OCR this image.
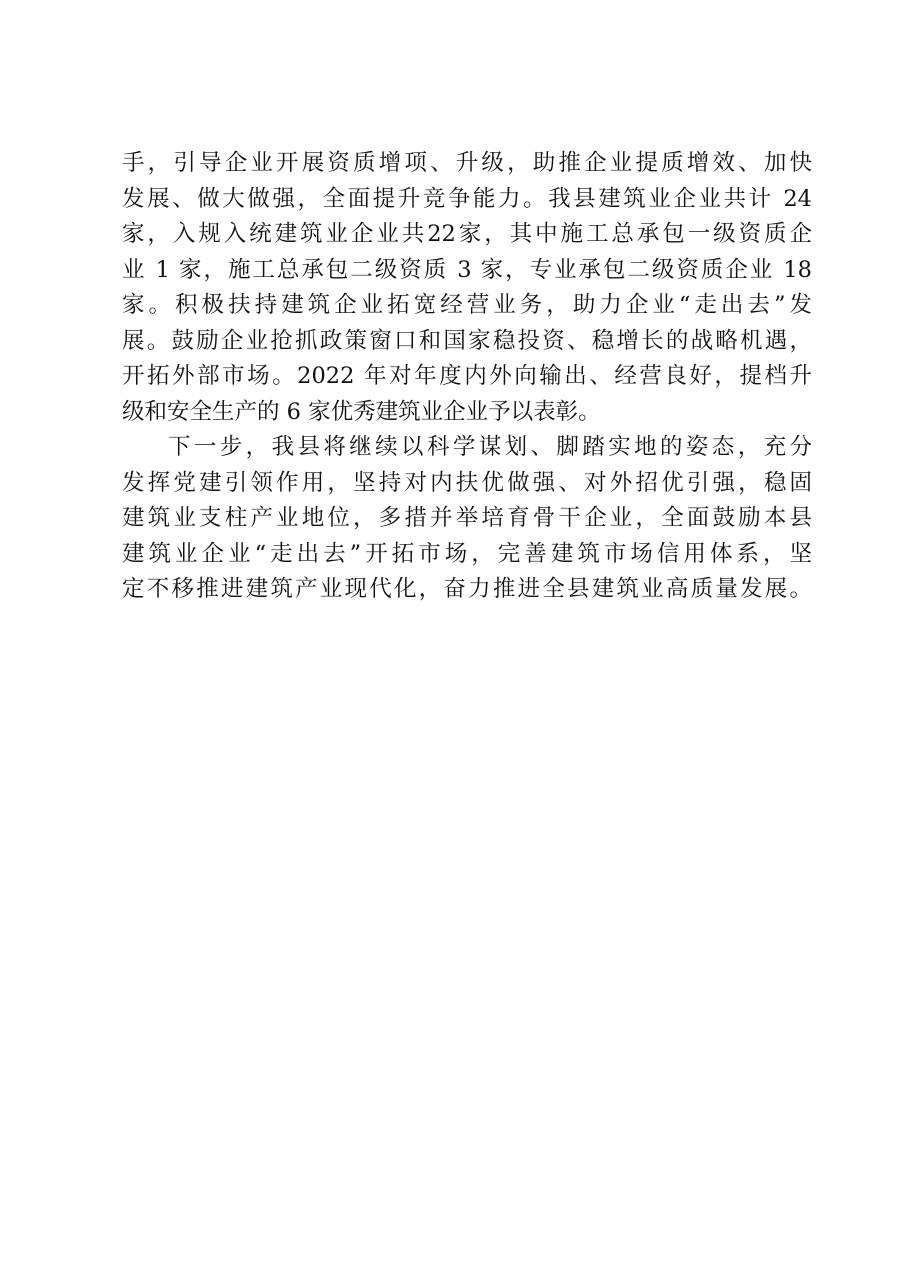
手，引导企业开展资质增项、升级，助推企业提质增效、加快
发展、做大做强，全面提升竞争能力。我县建筑业企业共计 24
家，入规入统建筑业企业共22家，其中施工总承包一级资质企
业 1 家，施工总承包二级资质 3 家，专业承包二级资质企业 18
家。积极扶持建筑企业拓宽经营业务，助力企业“走出去”发
展。鼓励企业抢抓政策窗口和国家稳投资、稳增长的战略机遇，
开拓外部市场。2022 年对年度内外向输出、经营良好，提档升
级和安全生产的 6 家优秀建筑业企业予以表彰。
下一步，我县将继续以科学谋划、脚踏实地的姿态，充分
发挥党建引领作用，坚持对内扶优做强、对外招优引强，稳固
建筑业支柱产业地位，多措并举培育骨干企业，全面鼓励本县
建筑业企业“走出去”开拓市场，完善建筑市场信用体系，坚
定不移推进建筑产业现代化，奋力推进全县建筑业高质量发展。
